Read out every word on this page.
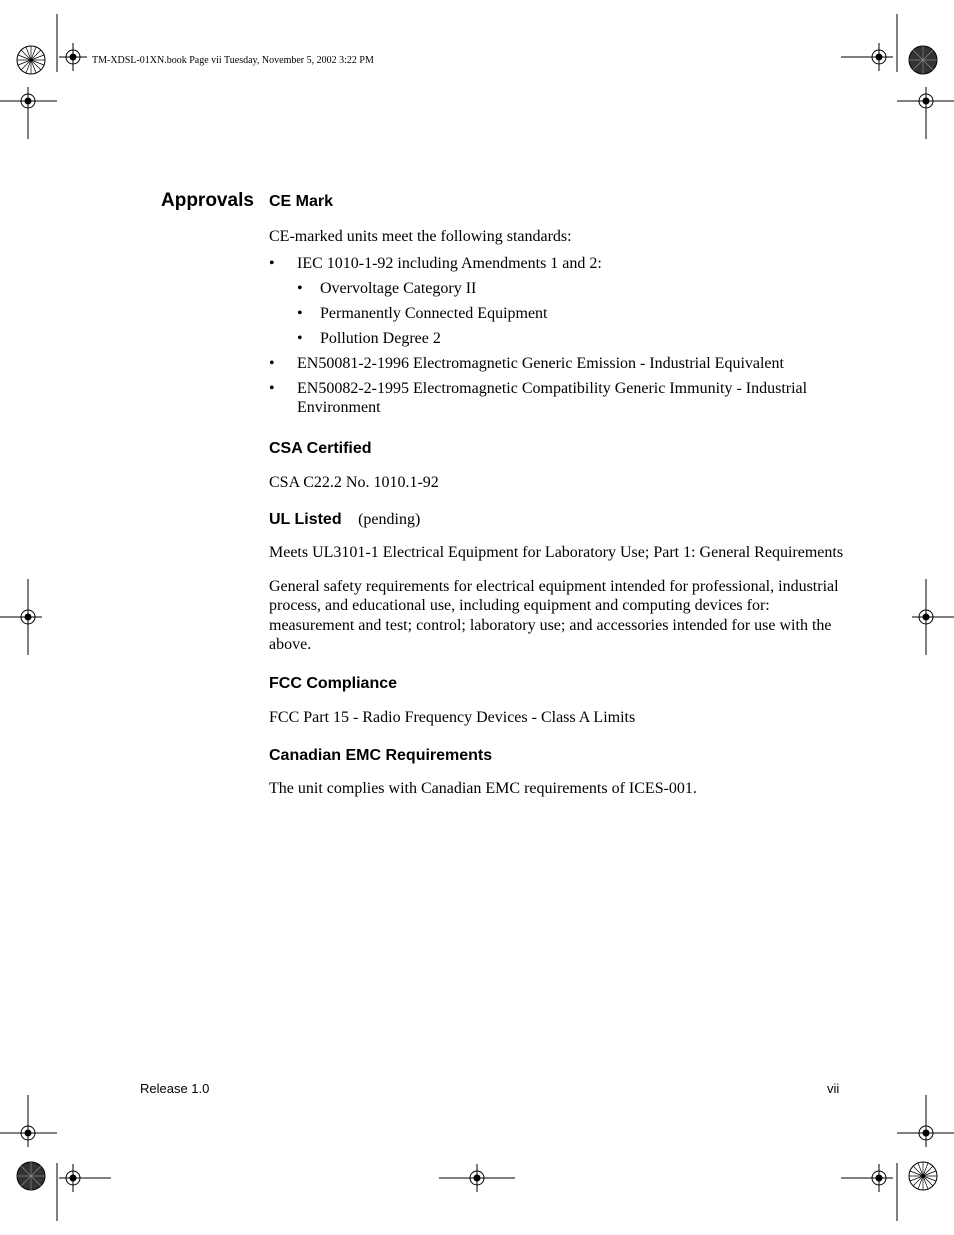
TM-XDSL-01XN.book Page vii Tuesday, November 5, 2002 3:22 PM
Approvals CE Mark

CE-marked units meet the following standards:

• IEC 1010-1-92 including Amendments 1 and 2:
• Overvoltage Category II
• Permanently Connected Equipment
• Pollution Degree 2
• EN50081-2-1996 Electromagnetic Generic Emission - Industrial Equivalent
• EN50082-2-1995 Electromagnetic Compatibility Generic Immunity - Industrial Environment
CSA Certified

CSA C22.2 No. 1010.1-92

UL Listed (pending)

Meets UL3101-1 Electrical Equipment for Laboratory Use; Part 1: General Requirements

General safety requirements for electrical equipment intended for professional, industrial process, and educational use, including equipment and computing devices for: measurement and test; control; laboratory use; and accessories intended for use with the above.

FCC Compliance

FCC Part 15 - Radio Frequency Devices - Class A Limits

Canadian EMC Requirements

The unit complies with Canadian EMC requirements of ICES-001.

Release 1.0	vii
